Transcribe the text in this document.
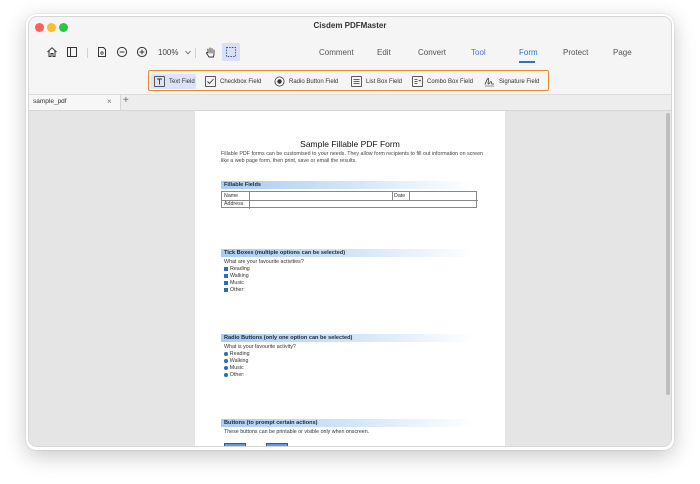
Cisdem PDFMaster
100%	Comment	Edit	Convert	Tool	Form	Protect	Page
Text Field	Checkbox Field	Radio Button Field	List Box Field	Combo Box Field	Signature Field
sample_pdf	× +
Sample Fillable PDF Form
Fillable PDF forms can be customised to your needs. They allow form recipients to fill out information on screen like a web page form, then print, save or email the results.
Fillable Fields
Name	Date
Address
Tick Boxes (multiple options can be selected)
What are your favourite activities?
Reading
Walking
Music
Other:
Radio Buttons (only one option can be selected)
What is your favourite activity?
Reading
Walking
Music
Other:
Buttons (to prompt certain actions)
These buttons can be printable or visible only when onscreen.
